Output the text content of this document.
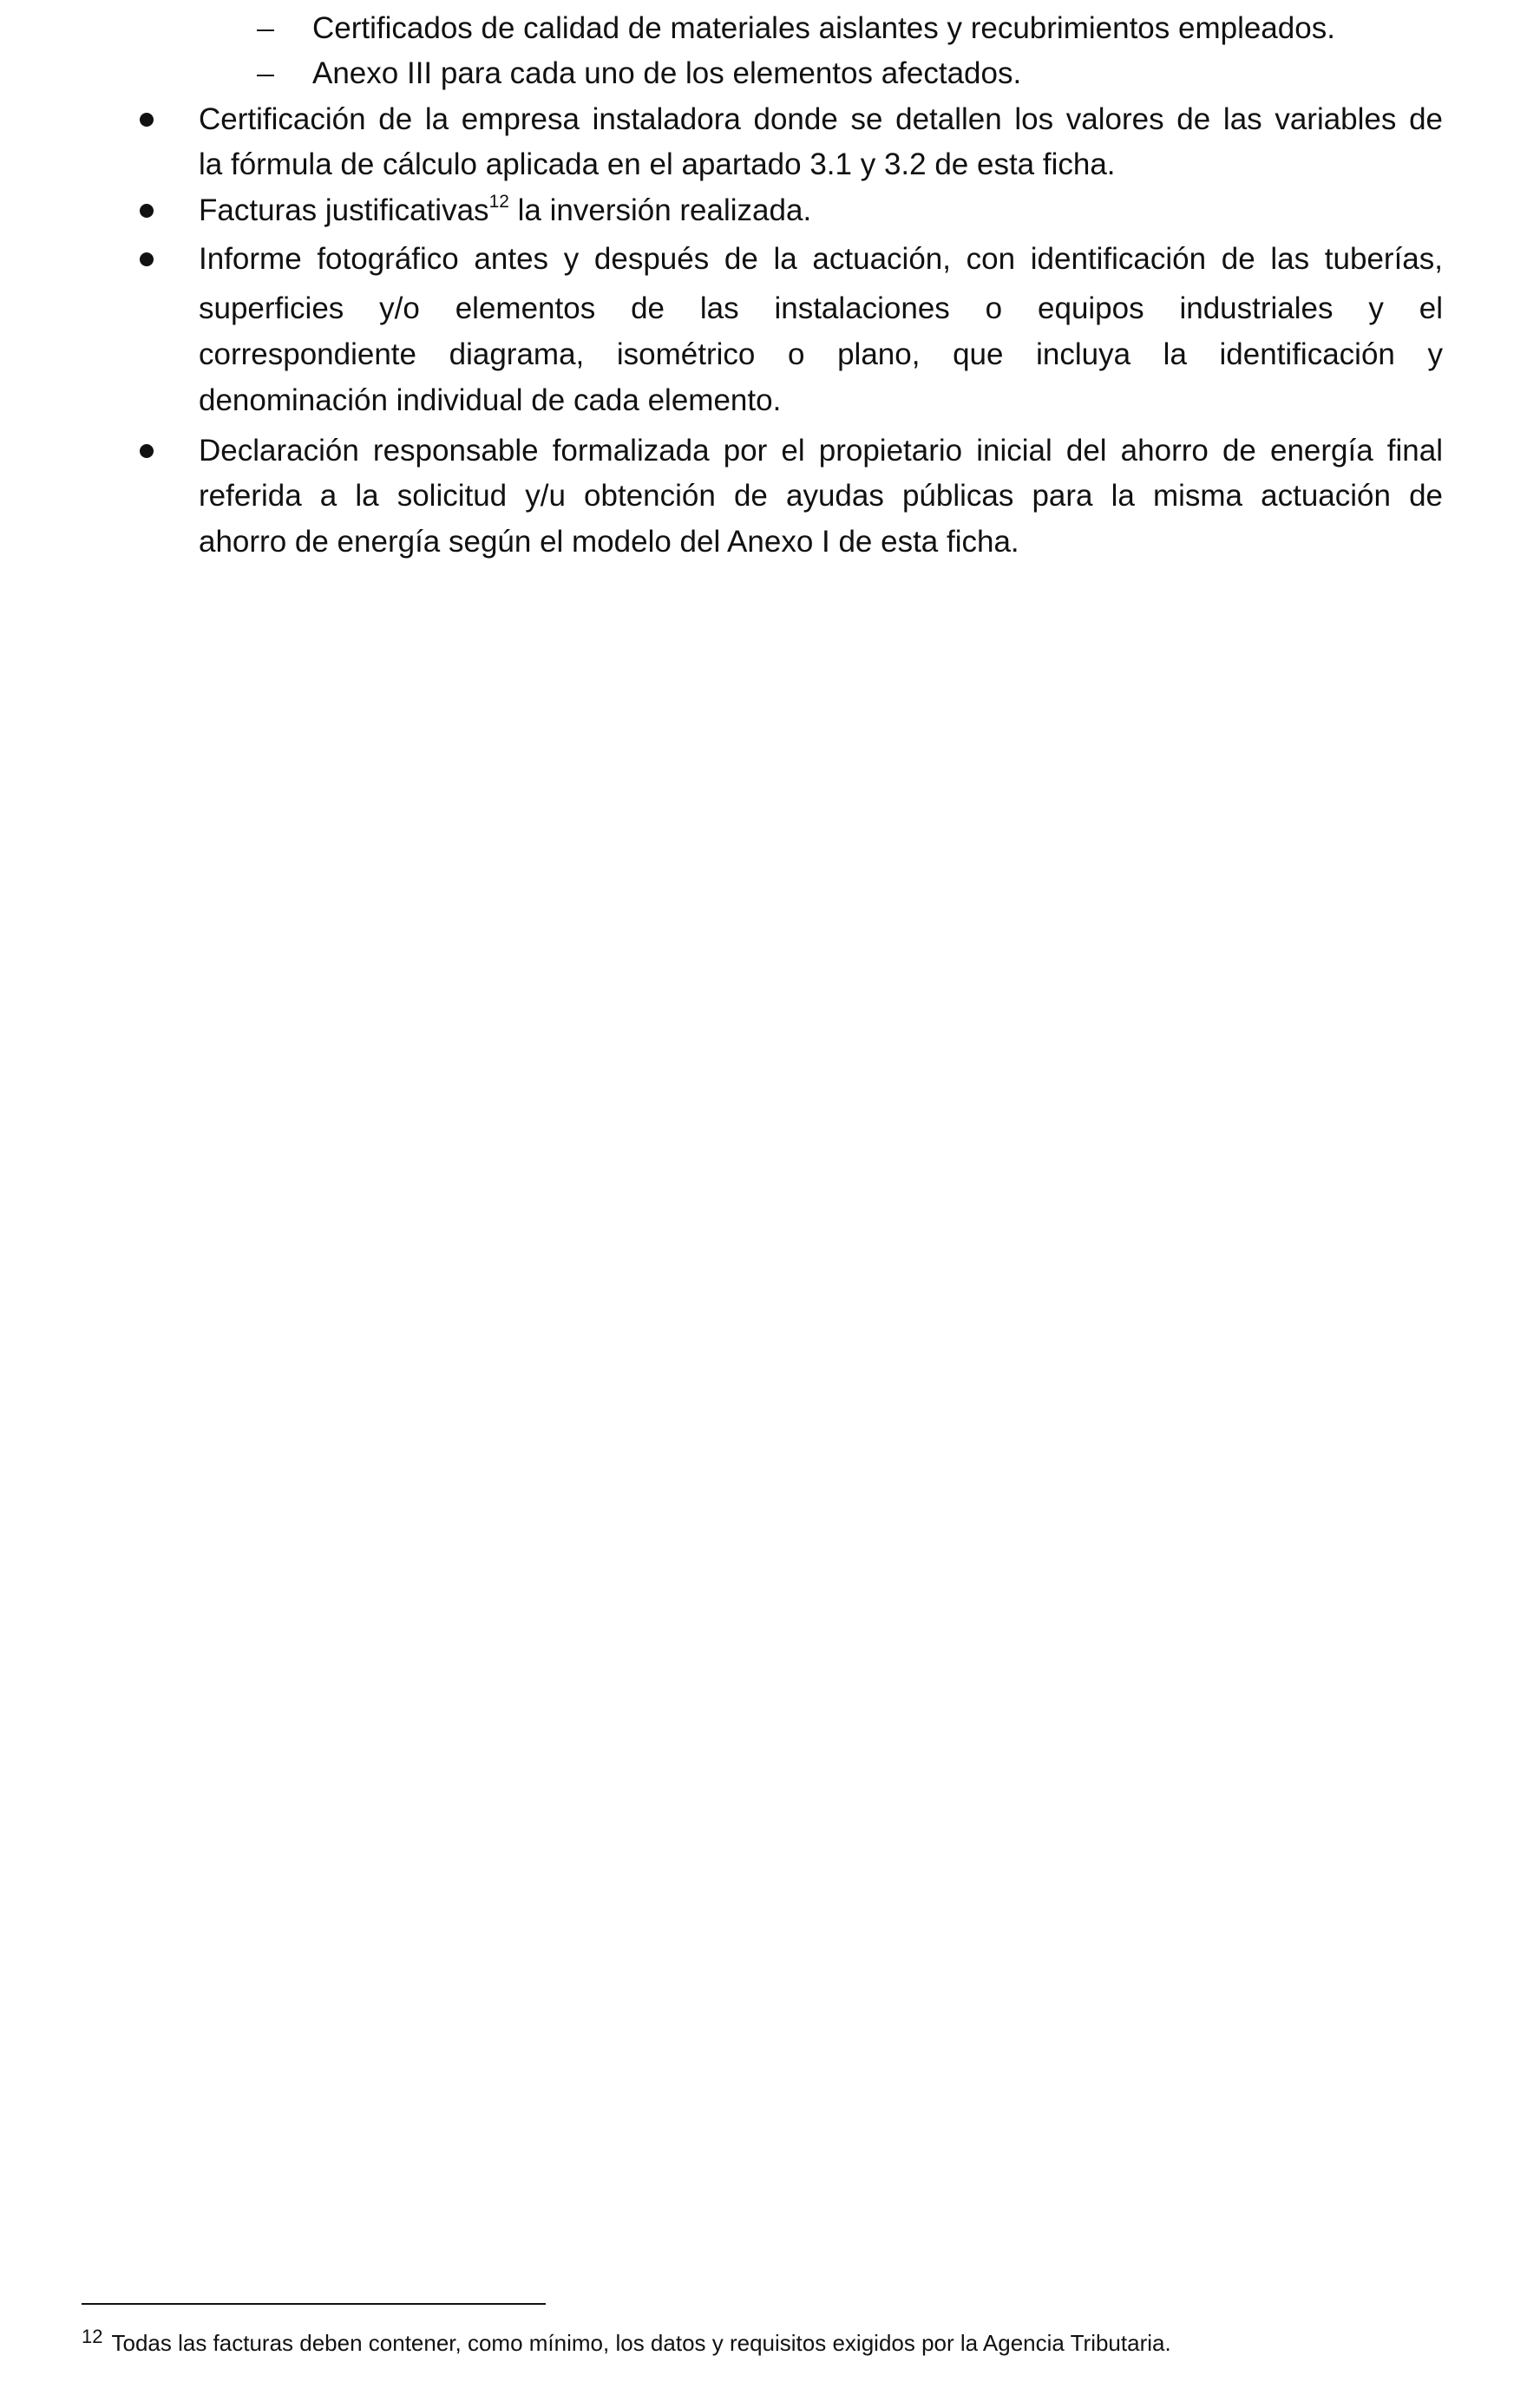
Certificados de calidad de materiales aislantes y recubrimientos empleados.
Anexo III para cada uno de los elementos afectados.
Certificación de la empresa instaladora donde se detallen los valores de las variables de
la fórmula de cálculo aplicada en el apartado 3.1 y 3.2 de esta ficha.
Facturas justificativas$^{12}$ la inversión realizada.
Informe fotográfico antes y después de la actuación, con identificación de las tuberías,
superficies y/o elementos de las instalaciones o equipos industriales y el
correspondiente diagrama, isométrico o plano, que incluya la identificación y
denominación individual de cada elemento.
Declaración responsable formalizada por el propietario inicial del ahorro de energía final
referida a la solicitud y/u obtención de ayudas públicas para la misma actuación de
ahorro de energía según el modelo del Anexo I de esta ficha.
$^{12}$ Todas las facturas deben contener, como mínimo, los datos y requisitos exigidos por la Agencia Tributaria.
